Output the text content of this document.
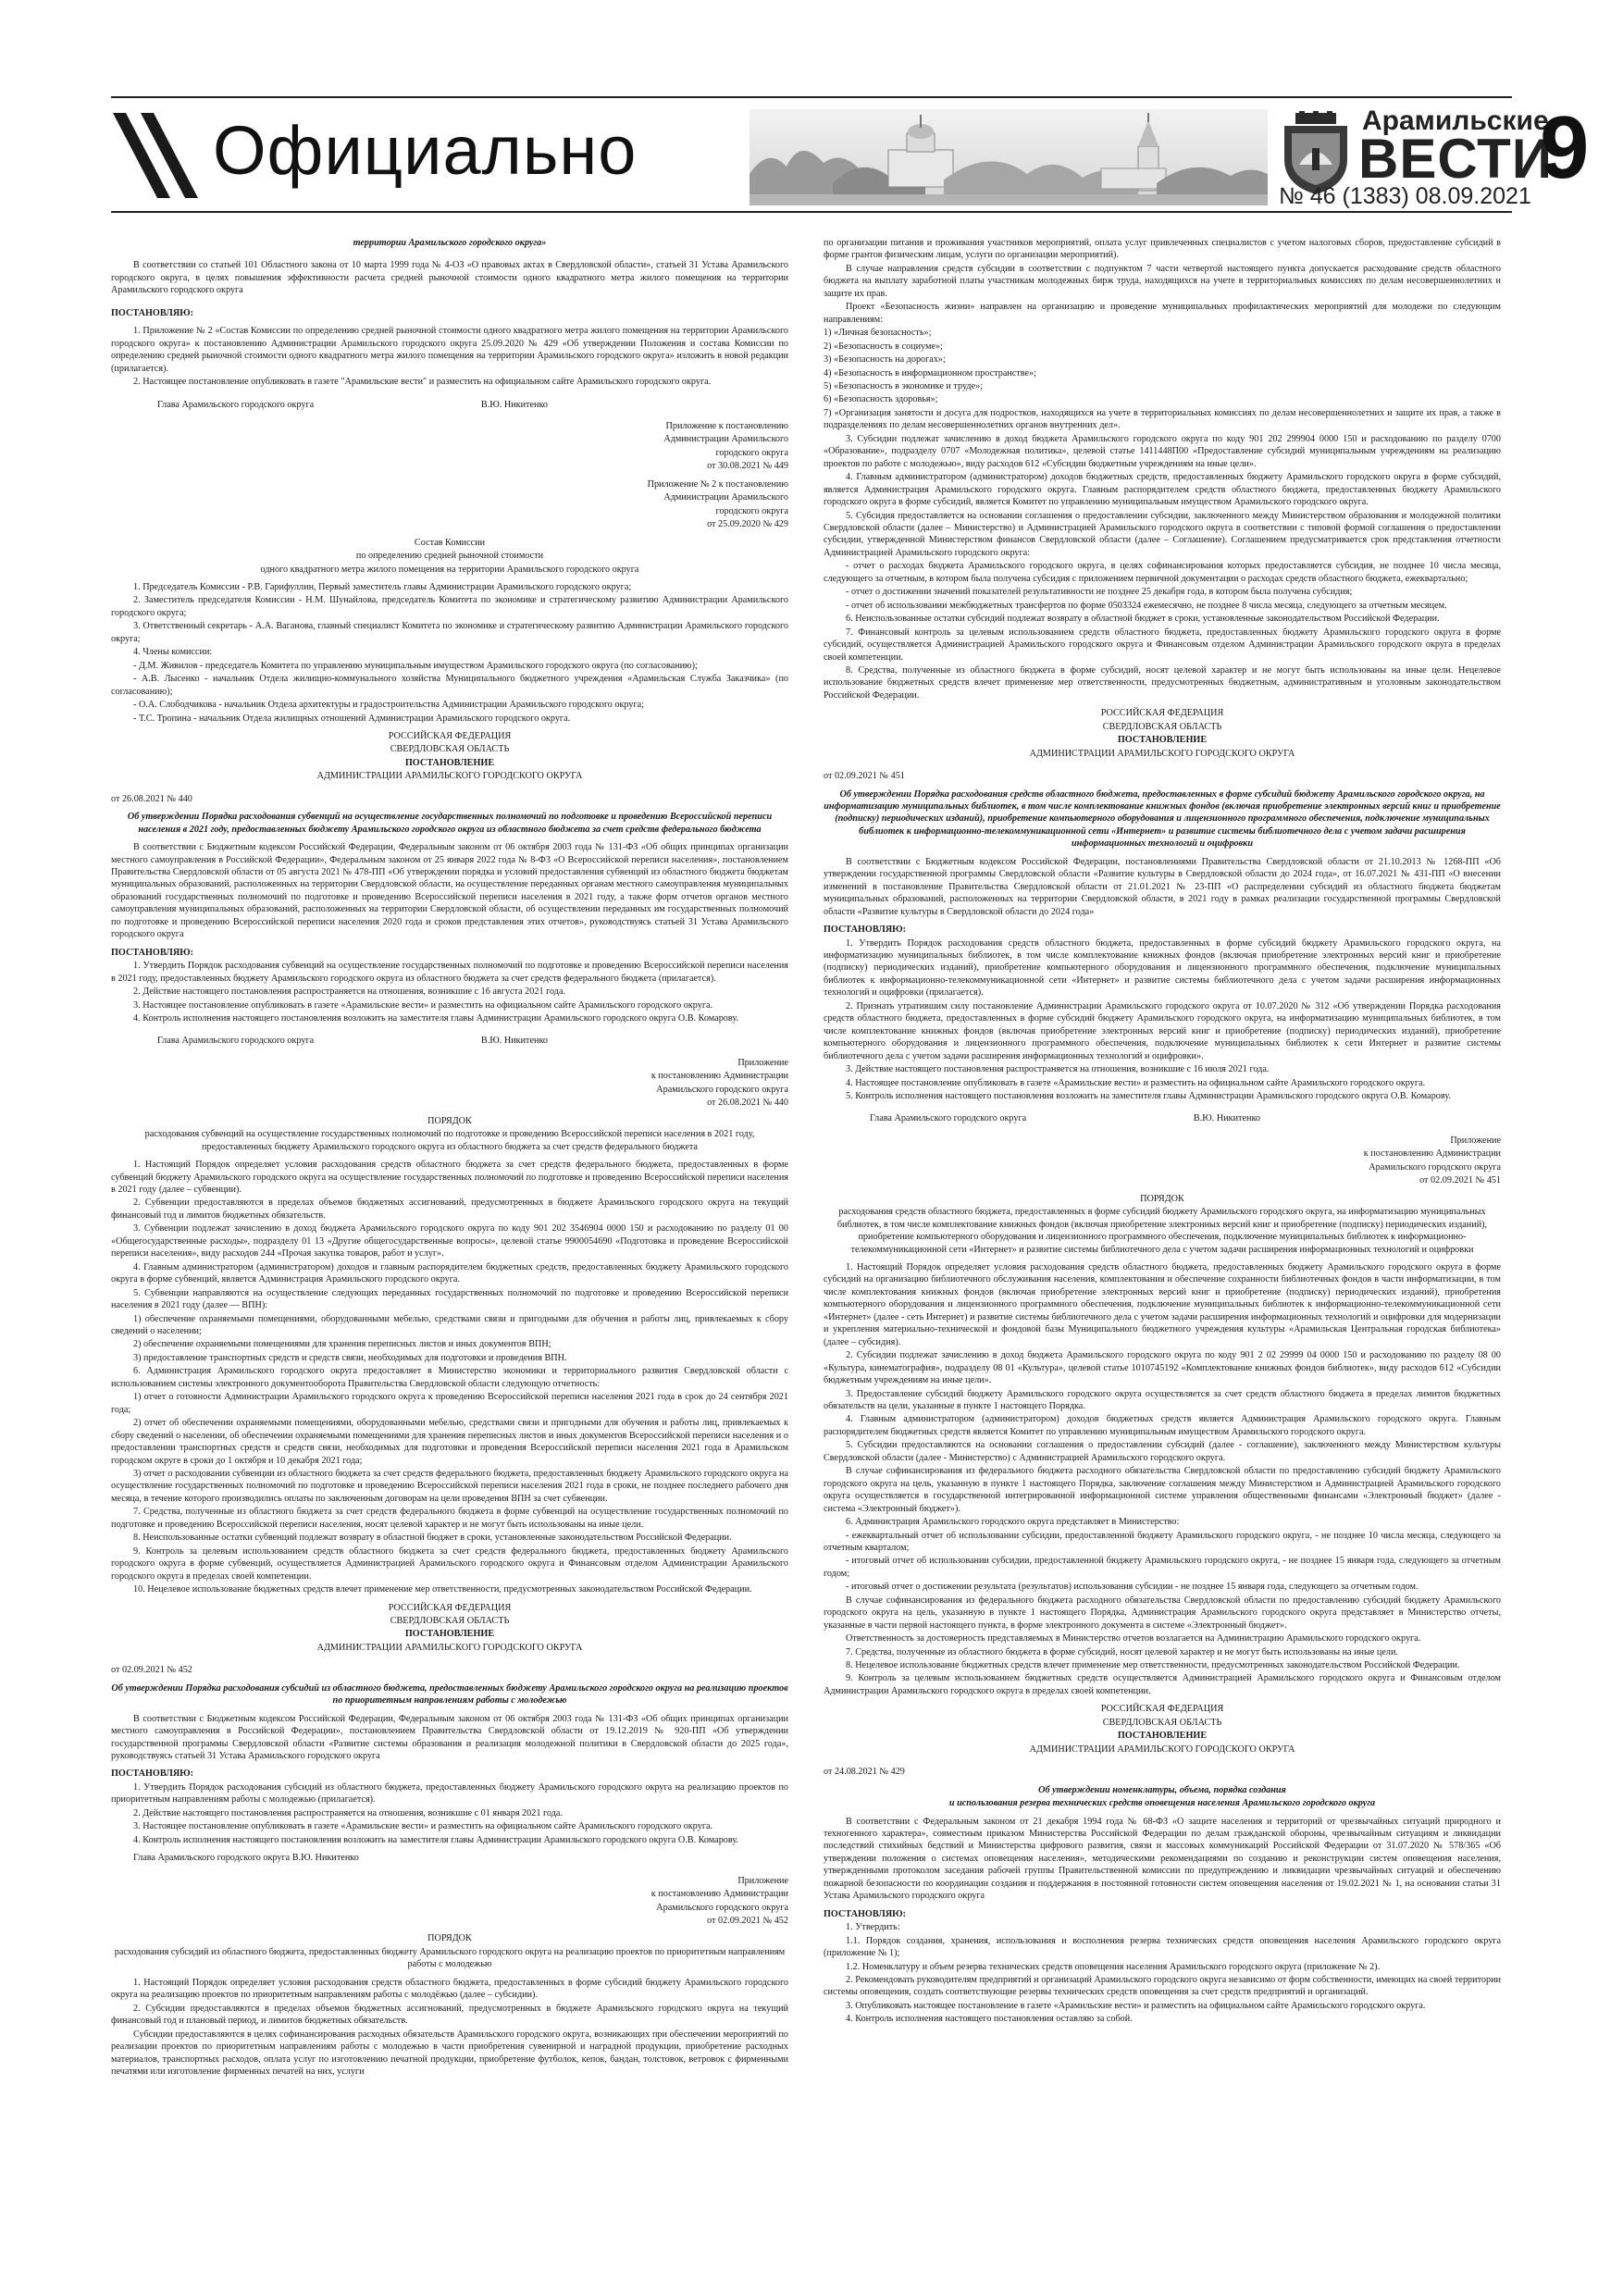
Официально	Арамильские
ВЕСТИ
№ 46 (1383) 08.09.2021 9

территории Арамильского городского округа»

В соответствии со статьей 101 Областного закона от 10 марта 1999 года № 4-ОЗ «О правовых актах в Свердловской области», статьей 31 Устава Арамильского городского округа, в целях повышения эффективности расчета средней рыночной стоимости одного квадратного метра жилого помещения на территории Арамильского городского округа

ПОСТАНОВЛЯЮ:

1. Приложение № 2 «Состав Комиссии по определению средней рыночной стоимости одного квадратного метра жилого помещения на территории Арамильского городского округа» к постановлению Администрации Арамильского городского округа 25.09.2020 № 429 «Об утверждении Положения и состава Комиссии по определению средней рыночной стоимости одного квадратного метра жилого помещения на территории Арамильского городского округа» изложить в новой редакции (прилагается).

2. Настоящее постановление опубликовать в газете "Арамильские вести" и разместить на официальном сайте Арамильского городского округа.

Глава Арамильского городского округа	В.Ю. Никитенко

Приложение к постановлению

Администрации Арамильского

городского округа

от 30.08.2021 № 449

Приложение № 2 к постановлению

Администрации Арамильского

городского округа

от 25.09.2020 № 429

Состав Комиссии

по определению средней рыночной стоимости

одного квадратного метра жилого помещения на территории Арамильского городского округа

1. Председатель Комиссии - Р.В. Гарифуллин, Первый заместитель главы Администрации Арамильского городского округа;

2. Заместитель председателя Комиссии - Н.М. Шунайлова, председатель Комитета по экономике и стратегическому развитию Администрации Арамильского городского округа;

3. Ответственный секретарь - А.А. Ваганова, главный специалист Комитета по экономике и стратегическому развитию Администрации Арамильского городского округа;

4. Члены комиссии:

- Д.М. Живилов - председатель Комитета по управлению муниципальным имуществом Арамильского городского округа (по согласованию);

- А.В. Лысенко - начальник Отдела жилищно-коммунального хозяйства Муниципального бюджетного учреждения «Арамильская Служба Заказчика» (по согласованию);

- О.А. Слободчикова - начальник Отдела архитектуры и градостроительства Администрации Арамильского городского округа;

- Т.С. Тропина - начальник Отдела жилищных отношений Администрации Арамильского городского округа.

РОССИЙСКАЯ ФЕДЕРАЦИЯ

СВЕРДЛОВСКАЯ ОБЛАСТЬ

ПОСТАНОВЛЕНИЕ

АДМИНИСТРАЦИИ АРАМИЛЬСКОГО ГОРОДСКОГО ОКРУГА

от 26.08.2021 № 440

Об утверждении Порядка расходования субвенций на осуществление государственных полномочий по подготовке и проведению Всероссийской переписи населения в 2021 году, предоставленных бюджету Арамильского городского округа из областного бюджета за счет средств федерального бюджета

В соответствии с Бюджетным кодексом Российской Федерации, Федеральным законом от 06 октября 2003 года № 131-ФЗ «Об общих принципах организации местного самоуправления в Российской Федерации», Федеральным законом от 25 января 2022 года № 8-ФЗ «О Всероссийской переписи населения», постановлением Правительства Свердловской области от 05 августа 2021 № 478-ПП «Об утверждении порядка и условий предоставления субвенций из областного бюджета бюджетам муниципальных образований, расположенных на территории Свердловской области, на осуществление переданных органам местного самоуправления муниципальных образований государственных полномочий по подготовке и проведению Всероссийской переписи населения в 2021 году, а также форм отчетов органов местного самоуправления муниципальных образований, расположенных на территории Свердловской области, об осуществлении переданных им государственных полномочий по подготовке и проведению Всероссийской переписи населения 2020 года и сроков представления этих отчетов», руководствуясь статьей 31 Устава Арамильского городского округа

ПОСТАНОВЛЯЮ:

1. Утвердить Порядок расходования субвенций на осуществление государственных полномочий по подготовке и проведению Всероссийской переписи населения в 2021 году, предоставленных бюджету Арамильского городского округа из областного бюджета за счет средств федерального бюджета (прилагается).

2. Действие настоящего постановления распространяется на отношения, возникшие с 16 августа 2021 года.

3. Настоящее постановление опубликовать в газете «Арамильские вести» и разместить на официальном сайте Арамильского городского округа.

4. Контроль исполнения настоящего постановления возложить на заместителя главы Администрации Арамильского городского округа О.В. Комарову.

Глава Арамильского городского округа	В.Ю. Никитенко

Приложение

к постановлению Администрации

Арамильского городского округа

от 26.08.2021 № 440

ПОРЯДОК

расходования субвенций на осуществление государственных полномочий по подготовке и проведению Всероссийской переписи населения в 2021 году, предоставленных бюджету Арамильского городского округа из областного бюджета за счет средств федерального бюджета

1. Настоящий Порядок определяет условия расходования средств областного бюджета за счет средств федерального бюджета, предоставленных в форме субвенций бюджету Арамильского городского округа на осуществление государственных полномочий по подготовке и проведению Всероссийской переписи населения в 2021 году (далее – субвенции).

2. Субвенции предоставляются в пределах объемов бюджетных ассигнований, предусмотренных в бюджете Арамильского городского округа на текущий финансовый год и лимитов бюджетных обязательств.

3. Субвенции подлежат зачислению в доход бюджета Арамильского городского округа по коду 901 202 3546904 0000 150 и расходованию по разделу 01 00 «Общегосударственные расходы», подразделу 01 13 «Другие общегосударственные вопросы», целевой статье 9900054690 «Подготовка и проведение Всероссийской переписи населения», виду расходов 244 «Прочая закупка товаров, работ и услуг».

4. Главным администратором (администратором) доходов и главным распорядителем бюджетных средств, предоставленных бюджету Арамильского городского округа в форме субвенций, является Администрация Арамильского городского округа.

5. Субвенции направляются на осуществление следующих переданных государственных полномочий по подготовке и проведению Всероссийской переписи населения в 2021 году (далее — ВПН):

1) обеспечение охраняемыми помещениями, оборудованными мебелью, средствами связи и пригодными для обучения и работы лиц, привлекаемых к сбору сведений о населении;

2) обеспечение охраняемыми помещениями для хранения переписных листов и иных документов ВПН;

3) предоставление транспортных средств и средств связи, необходимых для подготовки и проведения ВПН.

6. Администрация Арамильского городского округа предоставляет в Министерство экономики и территориального развития Свердловской области с использованием системы электронного документооборота Правительства Свердловской области следующую отчетность:

1) отчет о готовности Администрации Арамильского городского округа к проведению Всероссийской переписи населения 2021 года в срок до 24 сентября 2021 года;

2) отчет об обеспечении охраняемыми помещениями, оборудованными мебелью, средствами связи и пригодными для обучения и работы лиц, привлекаемых к сбору сведений о населении, об обеспечении охраняемыми помещениями для хранения переписных листов и иных документов Всероссийской переписи населения и о предоставлении транспортных средств и средств связи, необходимых для подготовки и проведения Всероссийской переписи населения 2021 года в Арамильском городском округе в сроки до 1 октября и 10 декабря 2021 года;

3) отчет о расходовании субвенции из областного бюджета за счет средств федерального бюджета, предоставленных бюджету Арамильского городского округа на осуществление государственных полномочий по подготовке и проведению Всероссийской переписи населения 2021 года в сроки, не позднее последнего рабочего дня месяца, в течение которого производились оплаты по заключенным договорам на цели проведения ВПН за счет субвенции.

7. Средства, полученные из областного бюджета за счет средств федерального бюджета в форме субвенций на осуществление государственных полномочий по подготовке и проведению Всероссийской переписи населения, носят целевой характер и не могут быть использованы на иные цели.

8. Неиспользованные остатки субвенций подлежат возврату в областной бюджет в сроки, установленные законодательством Российской Федерации.

9. Контроль за целевым использованием средств областного бюджета за счет средств федерального бюджета, предоставленных бюджету Арамильского городского округа в форме субвенций, осуществляется Администрацией Арамильского городского округа и Финансовым отделом Администрации Арамильского городского округа в пределах своей компетенции.

10. Нецелевое использование бюджетных средств влечет применение мер ответственности, предусмотренных законодательством Российской Федерации.

РОССИЙСКАЯ ФЕДЕРАЦИЯ

СВЕРДЛОВСКАЯ ОБЛАСТЬ

ПОСТАНОВЛЕНИЕ

АДМИНИСТРАЦИИ АРАМИЛЬСКОГО ГОРОДСКОГО ОКРУГА

от 02.09.2021 № 452

Об утверждении Порядка расходования субсидий из областного бюджета, предоставленных бюджету Арамильского городского округа на реализацию проектов по приоритетным направлениям работы с молодежью

В соответствии с Бюджетным кодексом Российской Федерации, Федеральным законом от 06 октября 2003 года № 131-ФЗ «Об общих принципах организации местного самоуправления в Российской Федерации», постановлением Правительства Свердловской области от 19.12.2019 № 920-ПП «Об утверждении государственной программы Свердловской области «Развитие системы образования и реализация молодежной политики в Свердловской области до 2025 года», руководствуясь статьей 31 Устава Арамильского городского округа

ПОСТАНОВЛЯЮ:

1. Утвердить Порядок расходования субсидий из областного бюджета, предоставленных бюджету Арамильского городского округа на реализацию проектов по приоритетным направлениям работы с молодежью (прилагается).

2. Действие настоящего постановления распространяется на отношения, возникшие с 01 января 2021 года.

3. Настоящее постановление опубликовать в газете «Арамильские вести» и разместить на официальном сайте Арамильского городского округа.

4. Контроль исполнения настоящего постановления возложить на заместителя главы Администрации Арамильского городского округа О.В. Комарову.

Глава Арамильского городского округа В.Ю. Никитенко

Приложение

к постановлению Администрации

Арамильского городского округа

от 02.09.2021 № 452

ПОРЯДОК

расходования субсидий из областного бюджета, предоставленных бюджету Арамильского городского округа на реализацию проектов по приоритетным направлениям работы с молодежью

1. Настоящий Порядок определяет условия расходования средств областного бюджета, предоставленных в форме субсидий бюджету Арамильского городского округа на реализацию проектов по приоритетным направлениям работы с молодёжью (далее – субсидии).

2. Субсидии предоставляются в пределах объемов бюджетных ассигнований, предусмотренных в бюджете Арамильского городского округа на текущий финансовый год и плановый период, и лимитов бюджетных обязательств.

Субсидии предоставляются в целях софинансирования расходных обязательств Арамильского городского округа, возникающих при обеспечении мероприятий по реализации проектов по приоритетным направлениям работы с молодежью в части приобретения сувенирной и наградной продукции, приобретение расходных материалов, транспортных расходов, оплата услуг по изготовлению печатной продукции, приобретение футболок, кепок, бандан, толстовок, ветровок с фирменными печатями или изготовление фирменных печатей на них, услуги

по организации питания и проживания участников мероприятий, оплата услуг привлеченных специалистов с учетом налоговых сборов, предоставление субсидий в форме грантов физическим лицам, услуги по организации мероприятий).

В случае направления средств субсидии в соответствии с подпунктом 7 части четвертой настоящего пункта допускается расходование средств областного бюджета на выплату заработной платы участникам молодежных бирж труда, находящихся на учете в территориальных комиссиях по делам несовершеннолетних и защите их прав.

Проект «Безопасность жизни» направлен на организацию и проведение муниципальных профилактических мероприятий для молодежи по следующим направлениям:

1) «Личная безопасность»;

2) «Безопасность в социуме»;

3) «Безопасность на дорогах»;

4) «Безопасность в информационном пространстве»;

5) «Безопасность в экономике и труде»;

6) «Безопасность здоровья»;

7) «Организация занятости и досуга для подростков, находящихся на учете в территориальных комиссиях по делам несовершеннолетних и защите их прав, а также в подразделениях по делам несовершеннолетних органов внутренних дел».

3. Субсидии подлежат зачислению в доход бюджета Арамильского городского округа по коду 901 202 299904 0000 150 и расходованию по разделу 0700 «Образование», подразделу 0707 «Молодежная политика», целевой статье 1411448П00 «Предоставление субсидий муниципальным учреждениям на реализацию проектов по работе с молодежью», виду расходов 612 «Субсидии бюджетным учреждениям на иные цели».

4. Главным администратором (администратором) доходов бюджетных средств, предоставленных бюджету Арамильского городского округа в форме субсидий, является Администрация Арамильского городского округа. Главным распорядителем средств областного бюджета, предоставленных бюджету Арамильского городского округа в форме субсидий, является Комитет по управлению муниципальным имуществом Арамильского городского округа.

5. Субсидия предоставляется на основании соглашения о предоставлении субсидии, заключенного между Министерством образования и молодежной политики Свердловской области (далее – Министерство) и Администрацией Арамильского городского округа в соответствии с типовой формой соглашения о предоставлении субсидии, утвержденной Министерством финансов Свердловской области (далее – Соглашение). Соглашением предусматривается срок представления отчетности Администрацией Арамильского городского округа:

- отчет о расходах бюджета Арамильского городского округа, в целях софинансирования которых предоставляется субсидия, не позднее 10 числа месяца, следующего за отчетным, в котором была получена субсидия с приложением первичной документации о расходах средств областного бюджета, ежеквартально;

- отчет о достижении значений показателей результативности не позднее 25 декабря года, в котором была получена субсидия;

- отчет об использовании межбюджетных трансфертов по форме 0503324 ежемесячно, не позднее 8 числа месяца, следующего за отчетным месяцем.

6. Неиспользованные остатки субсидий подлежат возврату в областной бюджет в сроки, установленные законодательством Российской Федерации.

7. Финансовый контроль за целевым использованием средств областного бюджета, предоставленных бюджету Арамильского городского округа в форме субсидий, осуществляется Администрацией Арамильского городского округа и Финансовым отделом Администрации Арамильского городского округа в пределах своей компетенции.

8. Средства, полученные из областного бюджета в форме субсидий, носят целевой характер и не могут быть использованы на иные цели. Нецелевое использование бюджетных средств влечет применение мер ответственности, предусмотренных бюджетным, административным и уголовным законодательством Российской Федерации.

РОССИЙСКАЯ ФЕДЕРАЦИЯ

СВЕРДЛОВСКАЯ ОБЛАСТЬ

ПОСТАНОВЛЕНИЕ

АДМИНИСТРАЦИИ АРАМИЛЬСКОГО ГОРОДСКОГО ОКРУГА

от 02.09.2021 № 451

Об утверждении Порядка расходования средств областного бюджета, предоставленных в форме субсидий бюджету Арамильского городского округа, на информатизацию муниципальных библиотек, в том числе комплектование книжных фондов (включая приобретение электронных версий книг и приобретение (подписку) периодических изданий), приобретение компьютерного оборудования и лицензионного программного обеспечения, подключение муниципальных библиотек к информационно-телекоммуникационной сети «Интернет» и развитие системы библиотечного дела с учетом задачи расширения информационных технологий и оцифровки

В соответствии с Бюджетным кодексом Российской Федерации, постановлениями Правительства Свердловской области от 21.10.2013 № 1268-ПП «Об утверждении государственной программы Свердловской области «Развитие культуры в Свердловской области до 2024 года», от 16.07.2021 № 431-ПП «О внесении изменений в постановление Правительства Свердловской области от 21.01.2021 № 23-ПП «О распределении субсидий из областного бюджета бюджетам муниципальных образований, расположенных на территории Свердловской области, в 2021 году в рамках реализации государственной программы Свердловской области «Развитие культуры в Свердловской области до 2024 года»

ПОСТАНОВЛЯЮ:

1. Утвердить Порядок расходования средств областного бюджета, предоставленных в форме субсидий бюджету Арамильского городского округа, на информатизацию муниципальных библиотек, в том числе комплектование книжных фондов (включая приобретение электронных версий книг и приобретение (подписку) периодических изданий), приобретение компьютерного оборудования и лицензионного программного обеспечения, подключение муниципальных библиотек к информационно-телекоммуникационной сети «Интернет» и развитие системы библиотечного дела с учетом задачи расширения информационных технологий и оцифровки (прилагается).

2. Признать утратившим силу постановление Администрации Арамильского городского округа от 10.07.2020 № 312 «Об утверждении Порядка расходования средств областного бюджета, предоставленных в форме субсидий бюджету Арамильского городского округа, на информатизацию муниципальных библиотек, в том числе комплектование книжных фондов (включая приобретение электронных версий книг и приобретение (подписку) периодических изданий), приобретение компьютерного оборудования и лицензионного программного обеспечения, подключение муниципальных библиотек к сети Интернет и развитие системы библиотечного дела с учетом задачи расширения информационных технологий и оцифровки».

3. Действие настоящего постановления распространяется на отношения, возникшие с 16 июля 2021 года.

4. Настоящее постановление опубликовать в газете «Арамильские вести» и разместить на официальном сайте Арамильского городского округа.

5. Контроль исполнения настоящего постановления возложить на заместителя главы Администрации Арамильского городского округа О.В. Комарову.

Глава Арамильского городского округа	В.Ю. Никитенко

Приложение

к постановлению Администрации

Арамильского городского округа

от 02.09.2021 № 451

ПОРЯДОК

расходования средств областного бюджета, предоставленных в форме субсидий бюджету Арамильского городского округа, на информатизацию муниципальных библиотек, в том числе комплектование книжных фондов (включая приобретение электронных версий книг и приобретение (подписку) периодических изданий), приобретение компьютерного оборудования и лицензионного программного обеспечения, подключение муниципальных библиотек к информационно-телекоммуникационной сети «Интернет» и развитие системы библиотечного дела с учетом задачи расширения информационных технологий и оцифровки

1. Настоящий Порядок определяет условия расходования средств областного бюджета, предоставленных бюджету Арамильского городского округа в форме субсидий на организацию библиотечного обслуживания населения, комплектования и обеспечение сохранности библиотечных фондов в части информатизации, в том числе комплектования книжных фондов (включая приобретение электронных версий книг и приобретение (подписку) периодических изданий), приобретения компьютерного оборудования и лицензионного программного обеспечения, подключение муниципальных библиотек к информационно-телекоммуникационной сети «Интернет» (далее - сеть Интернет) и развитие системы библиотечного дела с учетом задачи расширения информационных технологий и оцифровки для модернизации и укрепления материально-технической и фондовой базы Муниципального бюджетного учреждения культуры «Арамильская Центральная городская библиотека» (далее – субсидия).

2. Субсидии подлежат зачислению в доход бюджета Арамильского городского округа по коду 901 2 02 29999 04 0000 150 и расходованию по разделу 08 00 «Культура, кинематография», подразделу 08 01 «Культура», целевой статье 1010745192 «Комплектование книжных фондов библиотек», виду расходов 612 «Субсидии бюджетным учреждениям на иные цели».

3. Предоставление субсидий бюджету Арамильского городского округа осуществляется за счет средств областного бюджета в пределах лимитов бюджетных обязательств на цели, указанные в пункте 1 настоящего Порядка.

4. Главным администратором (администратором) доходов бюджетных средств является Администрация Арамильского городского округа. Главным распорядителем бюджетных средств является Комитет по управлению муниципальным имуществом Арамильского городского округа.

5. Субсидии предоставляются на основании соглашения о предоставлении субсидий (далее - соглашение), заключенного между Министерством культуры Свердловской области (далее - Министерство) с Администрацией Арамильского городского округа.

В случае софинансирования из федерального бюджета расходного обязательства Свердловской области по предоставлению субсидий бюджету Арамильского городского округа на цель, указанную в пункте 1 настоящего Порядка, заключение соглашения между Министерством и Администрацией Арамильского городского округа осуществляется в государственной интегрированной информационной системе управления общественными финансами «Электронный бюджет» (далее - система «Электронный бюджет»).

6. Администрация Арамильского городского округа представляет в Министерство:

- ежеквартальный отчет об использовании субсидии, предоставленной бюджету Арамильского городского округа, - не позднее 10 числа месяца, следующего за отчетным кварталом;

- итоговый отчет об использовании субсидии, предоставленной бюджету Арамильского городского округа, - не позднее 15 января года, следующего за отчетным годом;

- итоговый отчет о достижении результата (результатов) использования субсидии - не позднее 15 января года, следующего за отчетным годом.

В случае софинансирования из федерального бюджета расходного обязательства Свердловской области по предоставлению субсидий бюджету Арамильского городского округа на цель, указанную в пункте 1 настоящего Порядка, Администрация Арамильского городского округа представляет в Министерство отчеты, указанные в части первой настоящего пункта, в форме электронного документа в системе «Электронный бюджет».

Ответственность за достоверность представляемых в Министерство отчетов возлагается на Администрацию Арамильского городского округа.

7. Средства, полученные из областного бюджета в форме субсидий, носят целевой характер и не могут быть использованы на иные цели.

8. Нецелевое использование бюджетных средств влечет применение мер ответственности, предусмотренных законодательством Российской Федерации.

9. Контроль за целевым использованием бюджетных средств осуществляется Администрацией Арамильского городского округа и Финансовым отделом Администрации Арамильского городского округа в пределах своей компетенции.

РОССИЙСКАЯ ФЕДЕРАЦИЯ

СВЕРДЛОВСКАЯ ОБЛАСТЬ

ПОСТАНОВЛЕНИЕ

АДМИНИСТРАЦИИ АРАМИЛЬСКОГО ГОРОДСКОГО ОКРУГА

от 24.08.2021 № 429

Об утверждении номенклатуры, объема, порядка создания

и использования резерва технических средств оповещения населения Арамильского городского округа

В соответствии с Федеральным законом от 21 декабря 1994 года № 68-ФЗ «О защите населения и территорий от чрезвычайных ситуаций природного и техногенного характера», совместным приказом Министерства Российской Федерации по делам гражданской обороны, чрезвычайным ситуациям и ликвидации последствий стихийных бедствий и Министерства цифрового развития, связи и массовых коммуникаций Российской Федерации от 31.07.2020 № 578/365 «Об утверждении положения о системах оповещения населения», методическими рекомендациями по созданию и реконструкции систем оповещения населения, утвержденными протоколом заседания рабочей группы Правительственной комиссии по предупреждению и ликвидации чрезвычайных ситуаций и обеспечению пожарной безопасности по координации создания и поддержания в постоянной готовности систем оповещения населения от 19.02.2021 № 1, на основании статьи 31 Устава Арамильского городского округа

ПОСТАНОВЛЯЮ:

1. Утвердить:

1.1. Порядок создания, хранения, использования и восполнения резерва технических средств оповещения населения Арамильского городского округа (приложение № 1);

1.2. Номенклатуру и объем резерва технических средств оповещения населения Арамильского городского округа (приложение № 2).

2. Рекомендовать руководителям предприятий и организаций Арамильского городского округа независимо от форм собственности, имеющих на своей территории системы оповещения, создать соответствующие резервы технических средств оповещения за счет средств предприятий и организаций.

3. Опубликовать настоящее постановление в газете «Арамильские вести» и разместить на официальном сайте Арамильского городского округа.

4. Контроль исполнения настоящего постановления оставляю за собой.
